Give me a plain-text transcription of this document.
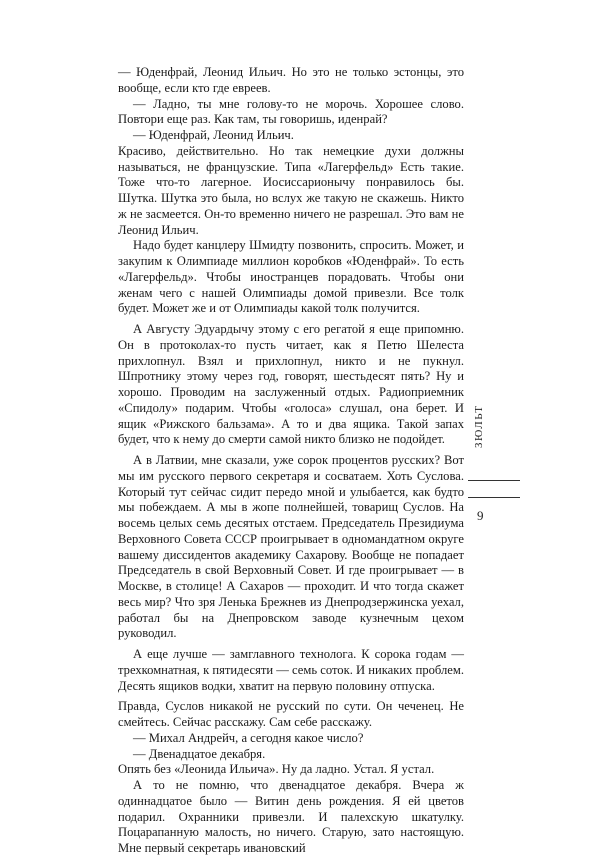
— Юденфрай, Леонид Ильич. Но это не только эстонцы, это вообще, если кто где евреев.

— Ладно, ты мне голову-то не морочь. Хорошее слово. Повтори еще раз. Как там, ты говоришь, иденрай?

— Юденфрай, Леонид Ильич.

Красиво, действительно. Но так немецкие духи должны называться, не французские. Типа «Лагерфельд» Есть такие. Тоже что-то лагерное. Иосиссарионычу понравилось бы. Шутка. Шутка это была, но вслух же такую не скажешь. Никто ж не засмеется. Он-то временно ничего не разрешал. Это вам не Леонид Ильич.

Надо будет канцлеру Шмидту позвонить, спросить. Может, и закупим к Олимпиаде миллион коробков «Юденфрай». То есть «Лагерфельд». Чтобы иностранцев порадовать. Чтобы они женам чего с нашей Олимпиады домой привезли. Все толк будет. Может же и от Олимпиады какой толк получится.

А Августу Эдуардычу этому с его регатой я еще припомню. Он в протоколах-то пусть читает, как я Петю Шелеста прихлопнул. Взял и прихлопнул, никто и не пукнул. Шпротнику этому через год, говорят, шестьдесят пять? Ну и хорошо. Проводим на заслуженный отдых. Радиоприемник «Спидолу» подарим. Чтобы «голоса» слушал, она берет. И ящик «Рижского бальзама». А то и два ящика. Такой запах будет, что к нему до смерти самой никто близко не подойдет.

А в Латвии, мне сказали, уже сорок процентов русских? Вот мы им русского первого секретаря и сосватаем. Хоть Суслова. Который тут сейчас сидит передо мной и улыбается, как будто мы побеждаем. А мы в жопе полнейшей, товарищ Суслов. На восемь целых семь десятых отстаем. Председатель Президиума Верховного Совета СССР проигрывает в одномандатном округе вашему диссидентов академику Сахарову. Вообще не попадает Председатель в свой Верховный Совет. И где проигрывает — в Москве, в столице! А Сахаров — проходит. И что тогда скажет весь мир? Что зря Ленька Брежнев из Днепродзержинска уехал, работал бы на Днепровском заводе кузнечным цехом руководил.

А еще лучше — замглавного технолога. К сорока годам — трехкомнатная, к пятидесяти — семь соток. И никаких проблем. Десять ящиков водки, хватит на первую половину отпуска.

Правда, Суслов никакой не русский по сути. Он чеченец. Не смейтесь. Сейчас расскажу. Сам себе расскажу.

— Михал Андрейч, а сегодня какое число?

— Двенадцатое декабря.

Опять без «Леонида Ильича». Ну да ладно. Устал. Я устал.

А то не помню, что двенадцатое декабря. Вчера ж одиннадцатое было — Витин день рождения. Я ей цветов подарил. Охранники привезли. И палехскую шкатулку. Поцарапанную малость, но ничего. Старую, зато настоящую. Мне первый секретарь ивановский

ЗЮЛЬТ
9
